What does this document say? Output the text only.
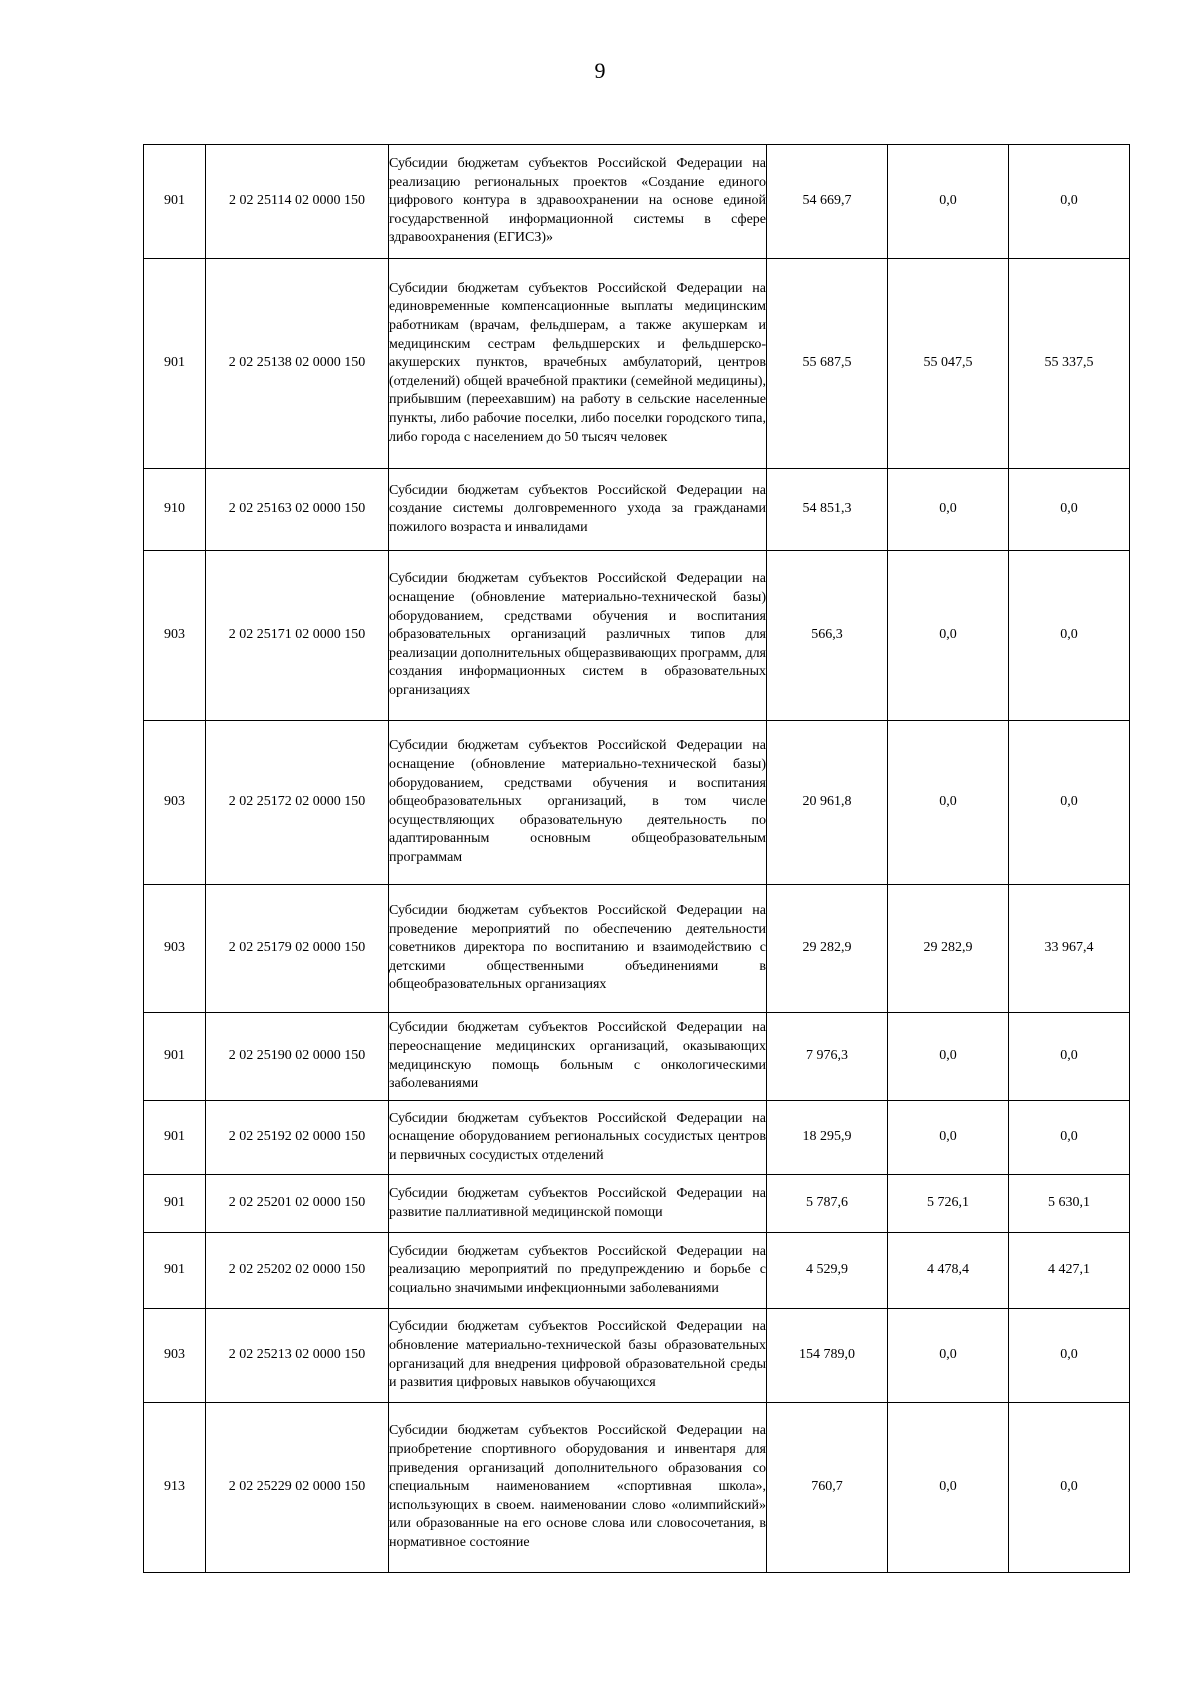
9
901	2 02 25114 02 0000 150	Субсидии бюджетам субъектов Российской Федерации на реализацию региональных проектов «Создание единого цифрового контура в здравоохранении на основе единой государственной информационной системы в сфере здравоохранения (ЕГИСЗ)»	54 669,7	0,0	0,0
901	2 02 25138 02 0000 150	Субсидии бюджетам субъектов Российской Федерации на единовременные компенсационные выплаты медицинским работникам (врачам, фельдшерам, а также акушеркам и медицинским сестрам фельдшерских и фельдшерско-акушерских пунктов, врачебных амбулаторий, центров (отделений) общей врачебной практики (семейной медицины), прибывшим (переехавшим) на работу в сельские населенные пункты, либо рабочие поселки, либо поселки городского типа, либо города с населением до 50 тысяч человек	55 687,5	55 047,5	55 337,5
910	2 02 25163 02 0000 150	Субсидии бюджетам субъектов Российской Федерации на создание системы долговременного ухода за гражданами пожилого возраста и инвалидами	54 851,3	0,0	0,0
903	2 02 25171 02 0000 150	Субсидии бюджетам субъектов Российской Федерации на оснащение (обновление материально-технической базы) оборудованием, средствами обучения и воспитания образовательных организаций различных типов для реализации дополнительных общеразвивающих программ, для создания информационных систем в образовательных организациях	566,3	0,0	0,0
903	2 02 25172 02 0000 150	Субсидии бюджетам субъектов Российской Федерации на оснащение (обновление материально-технической базы) оборудованием, средствами обучения и воспитания общеобразовательных организаций, в том числе осуществляющих образовательную деятельность по адаптированным основным общеобразовательным программам	20 961,8	0,0	0,0
903	2 02 25179 02 0000 150	Субсидии бюджетам субъектов Российской Федерации на проведение мероприятий по обеспечению деятельности советников директора по воспитанию и взаимодействию с детскими общественными объединениями в общеобразовательных организациях	29 282,9	29 282,9	33 967,4
901	2 02 25190 02 0000 150	Субсидии бюджетам субъектов Российской Федерации на переоснащение медицинских организаций, оказывающих медицинскую помощь больным с онкологическими заболеваниями	7 976,3	0,0	0,0
901	2 02 25192 02 0000 150	Субсидии бюджетам субъектов Российской Федерации на оснащение оборудованием региональных сосудистых центров и первичных сосудистых отделений	18 295,9	0,0	0,0
901	2 02 25201 02 0000 150	Субсидии бюджетам субъектов Российской Федерации на развитие паллиативной медицинской помощи	5 787,6	5 726,1	5 630,1
901	2 02 25202 02 0000 150	Субсидии бюджетам субъектов Российской Федерации на реализацию мероприятий по предупреждению и борьбе с социально значимыми инфекционными заболеваниями	4 529,9	4 478,4	4 427,1
903	2 02 25213 02 0000 150	Субсидии бюджетам субъектов Российской Федерации на обновление материально-технической базы образовательных организаций для внедрения цифровой образовательной среды и развития цифровых навыков обучающихся	154 789,0	0,0	0,0
913	2 02 25229 02 0000 150	Субсидии бюджетам субъектов Российской Федерации на приобретение спортивного оборудования и инвентаря для приведения организаций дополнительного образования со специальным наименованием «спортивная школа», использующих в своем. наименовании слово «олимпийский» или образованные на его основе слова или словосочетания, в нормативное состояние	760,7	0,0	0,0
